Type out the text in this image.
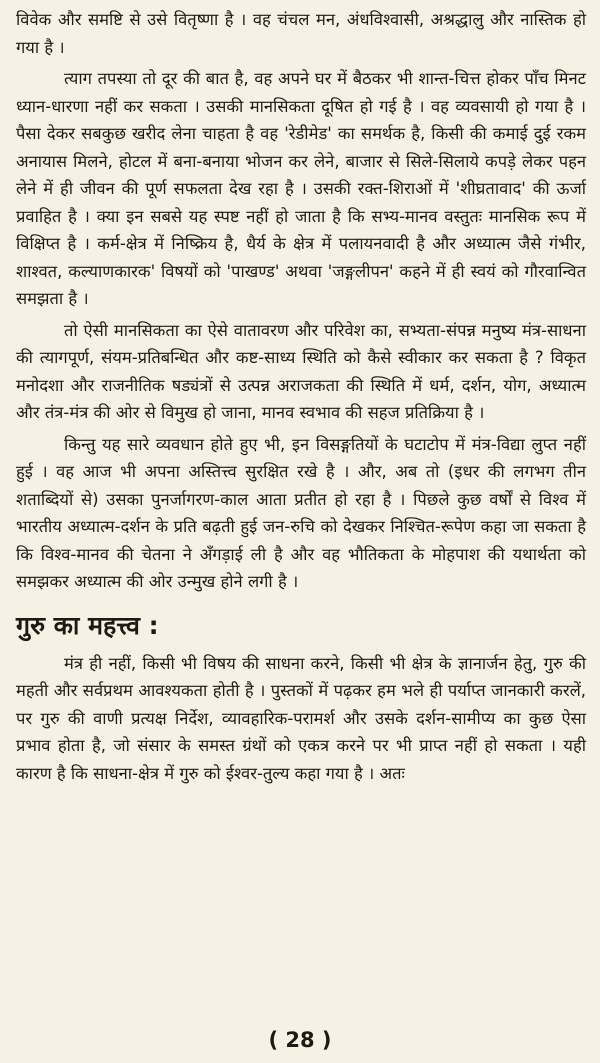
विवेक और समष्टि से उसे वितृष्णा है । वह चंचल मन, अंधविश्वासी, अश्रद्धालु और नास्तिक हो गया है ।

त्याग तपस्या तो दूर की बात है, वह अपने घर में बैठकर भी शान्त-चित्त होकर पाँच मिनट ध्यान-धारणा नहीं कर सकता । उसकी मानसिकता दूषित हो गई है । वह व्यवसायी हो गया है । पैसा देकर सबकुछ खरीद लेना चाहता है वह 'रेडीमेड' का समर्थक है, किसी की कमाई दुई रकम अनायास मिलने, होटल में बना-बनाया भोजन कर लेने, बाजार से सिले-सिलाये कपड़े लेकर पहन लेने में ही जीवन की पूर्ण सफलता देख रहा है । उसकी रक्त-शिराओं में 'शीघ्रतावाद' की ऊर्जा प्रवाहित है । क्या इन सबसे यह स्पष्ट नहीं हो जाता है कि सभ्य-मानव वस्तुतः मानसिक रूप में विक्षिप्त है । कर्म-क्षेत्र में निष्क्रिय है, धैर्य के क्षेत्र में पलायनवादी है और अध्यात्म जैसे गंभीर, शाश्वत, कल्याणकारक' विषयों को 'पाखण्ड' अथवा 'जङ्गलीपन' कहने में ही स्वयं को गौरवान्वित समझता है ।

तो ऐसी मानसिकता का ऐसे वातावरण और परिवेश का, सभ्यता-संपन्न मनुष्य मंत्र-साधना की त्यागपूर्ण, संयम-प्रतिबन्धित और कष्ट-साध्य स्थिति को कैसे स्वीकार कर सकता है ? विकृत मनोदशा और राजनीतिक षड्यंत्रों से उत्पन्न अराजकता की स्थिति में धर्म, दर्शन, योग, अध्यात्म और तंत्र-मंत्र की ओर से विमुख हो जाना, मानव स्वभाव की सहज प्रतिक्रिया है ।

किन्तु यह सारे व्यवधान होते हुए भी, इन विसङ्गतियों के घटाटोप में मंत्र-विद्या लुप्त नहीं हुई । वह आज भी अपना अस्तित्त्व सुरक्षित रखे है । और, अब तो (इधर की लगभग तीन शताब्दियों से) उसका पुनर्जागरण-काल आता प्रतीत हो रहा है । पिछले कुछ वर्षों से विश्व में भारतीय अध्यात्म-दर्शन के प्रति बढ़ती हुई जन-रुचि को देखकर निश्चित-रूपेण कहा जा सकता है कि विश्व-मानव की चेतना ने अँगड़ाई ली है और वह भौतिकता के मोहपाश की यथार्थता को समझकर अध्यात्म की ओर उन्मुख होने लगी है ।

गुरु का महत्त्व :

मंत्र ही नहीं, किसी भी विषय की साधना करने, किसी भी क्षेत्र के ज्ञानार्जन हेतु, गुरु की महती और सर्वप्रथम आवश्यकता होती है । पुस्तकों में पढ़कर हम भले ही पर्याप्त जानकारी करलें, पर गुरु की वाणी प्रत्यक्ष निर्देश, व्यावहारिक-परामर्श और उसके दर्शन-सामीप्य का कुछ ऐसा प्रभाव होता है, जो संसार के समस्त ग्रंथों को एकत्र करने पर भी प्राप्त नहीं हो सकता । यही कारण है कि साधना-क्षेत्र में गुरु को ईश्वर-तुल्य कहा गया है । अतः

( 28 )
